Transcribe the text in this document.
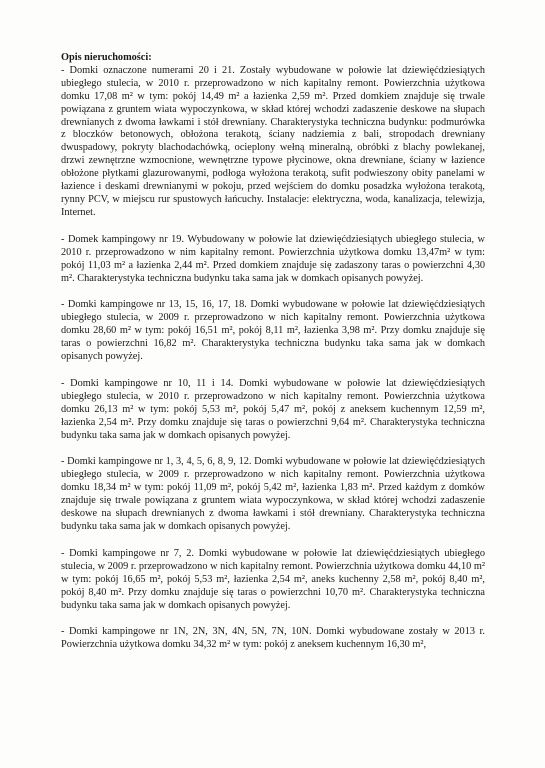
Opis nieruchomości:

- Domki oznaczone numerami 20 i 21. Zostały wybudowane w połowie lat dziewięćdziesiątych ubiegłego stulecia, w 2010 r. przeprowadzono w nich kapitalny remont. Powierzchnia użytkowa domku 17,08 m² w tym: pokój 14,49 m² a łazienka 2,59 m². Przed domkiem znajduje się trwale powiązana z gruntem wiata wypoczynkowa, w skład której wchodzi zadaszenie deskowe na słupach drewnianych z dwoma ławkami i stół drewniany. Charakterystyka techniczna budynku: podmurówka z bloczków betonowych, obłożona terakotą, ściany nadziemia z bali, stropodach drewniany dwuspadowy, pokryty blachodachówką, ocieplony wełną mineralną, obróbki z blachy powlekanej, drzwi zewnętrzne wzmocnione, wewnętrzne typowe płycinowe, okna drewniane, ściany w łazience obłożone płytkami glazurowanymi, podłoga wyłożona terakotą, sufit podwieszony obity panelami w łazience i deskami drewnianymi w pokoju, przed wejściem do domku posadzka wyłożona terakotą, rynny PCV, w miejscu rur spustowych łańcuchy. Instalacje: elektryczna, woda, kanalizacja, telewizja, Internet.

- Domek kampingowy nr 19. Wybudowany w połowie lat dziewięćdziesiątych ubiegłego stulecia, w 2010 r. przeprowadzono w nim kapitalny remont. Powierzchnia użytkowa domku 13,47m² w tym: pokój 11,03 m² a łazienka 2,44 m². Przed domkiem znajduje się zadaszony taras o powierzchni 4,30 m². Charakterystyka techniczna budynku taka sama jak w domkach opisanych powyżej.

- Domki kampingowe nr 13, 15, 16, 17, 18. Domki wybudowane w połowie lat dziewięćdziesiątych ubiegłego stulecia, w 2009 r. przeprowadzono w nich kapitalny remont. Powierzchnia użytkowa domku 28,60 m² w tym: pokój 16,51 m², pokój 8,11 m², łazienka 3,98 m². Przy domku znajduje się taras o powierzchni 16,82 m². Charakterystyka techniczna budynku taka sama jak w domkach opisanych powyżej.

- Domki kampingowe nr 10, 11 i 14. Domki wybudowane w połowie lat dziewięćdziesiątych ubiegłego stulecia, w 2010 r. przeprowadzono w nich kapitalny remont. Powierzchnia użytkowa domku 26,13 m² w tym: pokój 5,53 m², pokój 5,47 m², pokój z aneksem kuchennym 12,59 m², łazienka 2,54 m². Przy domku znajduje się taras o powierzchni 9,64 m². Charakterystyka techniczna budynku taka sama jak w domkach opisanych powyżej.

- Domki kampingowe nr 1, 3, 4, 5, 6, 8, 9, 12. Domki wybudowane w połowie lat dziewięćdziesiątych ubiegłego stulecia, w 2009 r. przeprowadzono w nich kapitalny remont. Powierzchnia użytkowa domku 18,34 m² w tym: pokój 11,09 m², pokój 5,42 m², łazienka 1,83 m². Przed każdym z domków znajduje się trwale powiązana z gruntem wiata wypoczynkowa, w skład której wchodzi zadaszenie deskowe na słupach drewnianych z dwoma ławkami i stół drewniany. Charakterystyka techniczna budynku taka sama jak w domkach opisanych powyżej.

- Domki kampingowe nr 7, 2. Domki wybudowane w połowie lat dziewięćdziesiątych ubiegłego stulecia, w 2009 r. przeprowadzono w nich kapitalny remont. Powierzchnia użytkowa domku 44,10 m² w tym: pokój 16,65 m², pokój 5,53 m², łazienka 2,54 m², aneks kuchenny 2,58 m², pokój 8,40 m², pokój 8,40 m². Przy domku znajduje się taras o powierzchni 10,70 m². Charakterystyka techniczna budynku taka sama jak w domkach opisanych powyżej.

- Domki kampingowe nr 1N, 2N, 3N, 4N, 5N, 7N, 10N. Domki wybudowane zostały w 2013 r. Powierzchnia użytkowa domku 34,32 m² w tym: pokój z aneksem kuchennym 16,30 m²,
